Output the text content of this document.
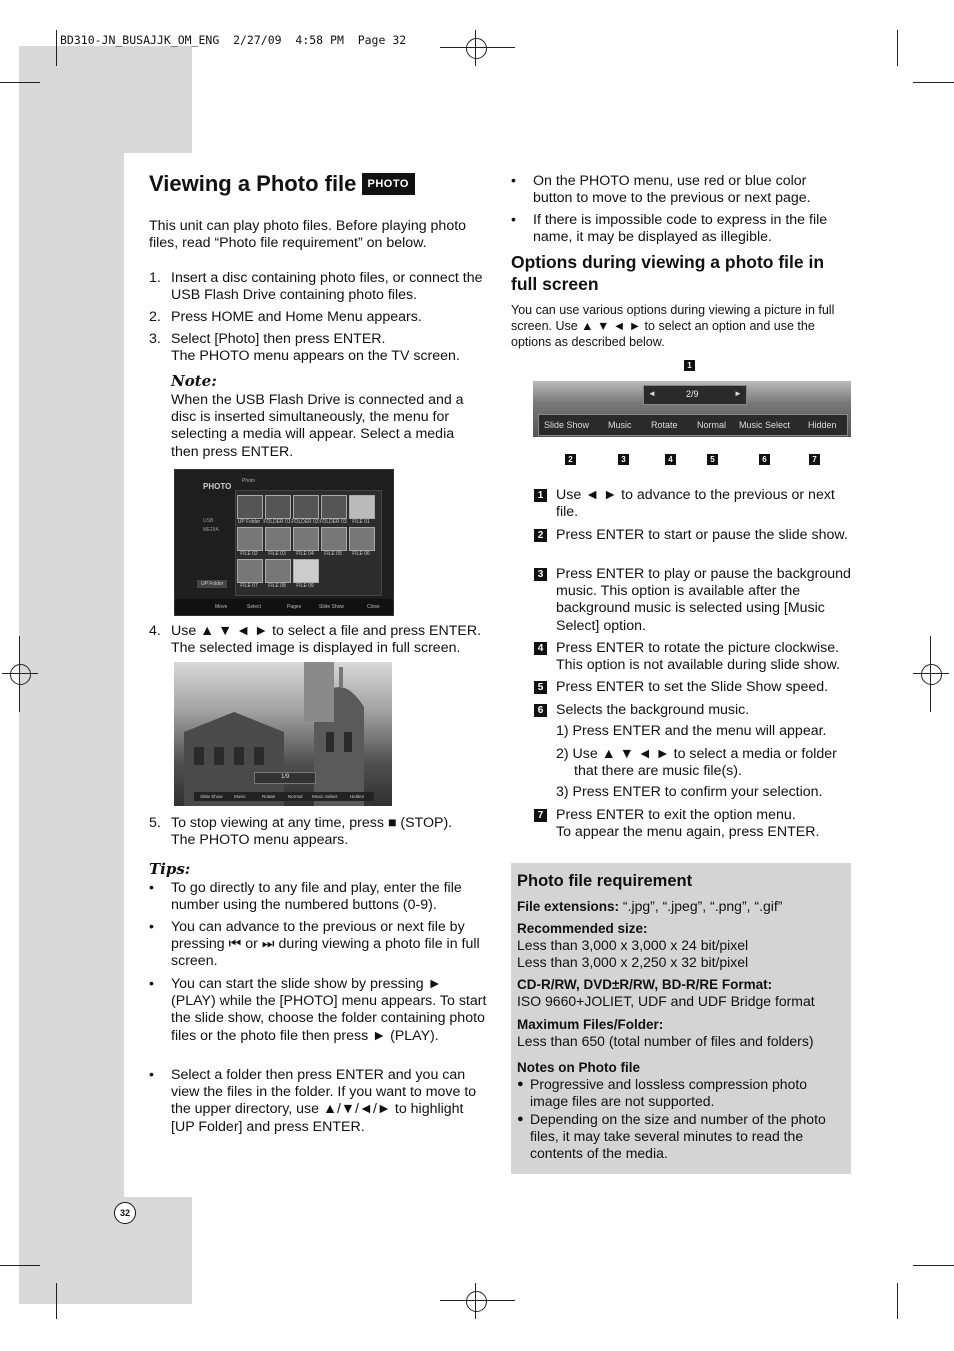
BD310-JN_BUSAJJK_OM_ENG  2/27/09  4:58 PM  Page 32
Viewing a Photo file PHOTO
This unit can play photo files. Before playing photo files, read “Photo file requirement” on below.
1. Insert a disc containing photo files, or connect the USB Flash Drive containing photo files.
2. Press HOME and Home Menu appears.
3. Select [Photo] then press ENTER.
The PHOTO menu appears on the TV screen.
Note:
When the USB Flash Drive is connected and a disc is inserted simultaneously, the menu for selecting a media will appear. Select a media then press ENTER.
PHOTO
Photo
USB
MEDIA
UP Folder
UP Folder FOLDER 01 FOLDER 02 FOLDER 03	FILE 01
FILE 02	FILE 03	FILE 04	FILE 05	FILE 06
FILE 07	FILE 08	FILE 09
Move	Select	Pages	Slide Show	Close
4. Use ▲ ▼ ◄ ► to select a file and press ENTER.
The selected image is displayed in full screen.
1/9
Slide Show	Music	Rotate	Normal Music Select	Hidden
5. To stop viewing at any time, press ■ (STOP).
The PHOTO menu appears.
Tips:
• To go directly to any file and play, enter the file number using the numbered buttons (0-9).
• You can advance to the previous or next file by pressing ⏮ or ⏭ during viewing a photo file in full screen.
• You can start the slide show by pressing ► (PLAY) while the [PHOTO] menu appears. To start the slide show, choose the folder containing photo files or the photo file then press ► (PLAY).
• Select a folder then press ENTER and you can view the files in the folder. If you want to move to the upper directory, use ▲/▼/◄/► to highlight [UP Folder] and press ENTER.
32
• On the PHOTO menu, use red or blue color button to move to the previous or next page.
• If there is impossible code to express in the file name, it may be displayed as illegible.
Options during viewing a photo file in full screen
You can use various options during viewing a picture in full screen. Use ▲ ▼ ◄ ► to select an option and use the options as described below.
1
◄	2/9	►
Slide Show Music Rotate Normal Music Select Hidden
2	3	4	5	6	7
1 Use ◄ ► to advance to the previous or next file.
2 Press ENTER to start or pause the slide show.
3 Press ENTER to play or pause the background music. This option is available after the background music is selected using [Music Select] option.
4 Press ENTER to rotate the picture clockwise. This option is not available during slide show.
5 Press ENTER to set the Slide Show speed.
6 Selects the background music.
1) Press ENTER and the menu will appear.
2) Use ▲ ▼ ◄ ► to select a media or folder that there are music file(s).
3) Press ENTER to confirm your selection.
7 Press ENTER to exit the option menu.
To appear the menu again, press ENTER.
Photo file requirement
File extensions: “.jpg”, “.jpeg”, “.png”, “.gif”
Recommended size:
Less than 3,000 x 3,000 x 24 bit/pixel
Less than 3,000 x 2,250 x 32 bit/pixel
CD-R/RW, DVD±R/RW, BD-R/RE Format:
ISO 9660+JOLIET, UDF and UDF Bridge format
Maximum Files/Folder:
Less than 650 (total number of files and folders)
Notes on Photo file
● Progressive and lossless compression photo image files are not supported.
● Depending on the size and number of the photo files, it may take several minutes to read the contents of the media.
